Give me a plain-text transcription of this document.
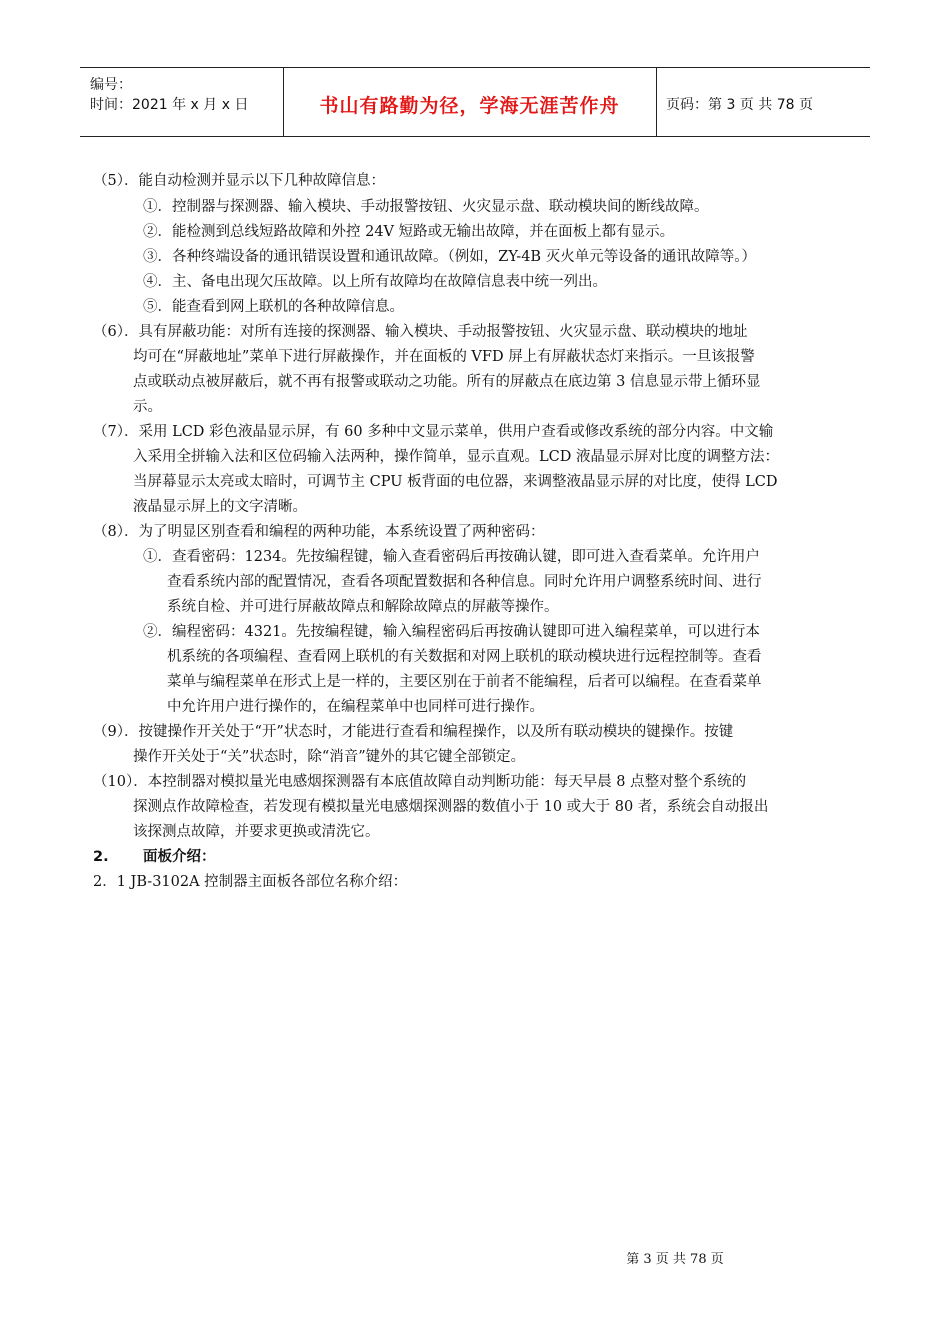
编号：
时间：2021 年 x 月 x 日	书山有路勤为径，学海无涯苦作舟	页码：第 3 页 共 78 页
（5）．能自动检测并显示以下几种故障信息：
①．控制器与探测器、输入模块、手动报警按钮、火灾显示盘、联动模块间的断线故障。
②．能检测到总线短路故障和外控 24V 短路或无输出故障，并在面板上都有显示。
③．各种终端设备的通讯错误设置和通讯故障。（例如，ZY-4B 灭火单元等设备的通讯故障等。）
④．主、备电出现欠压故障。以上所有故障均在故障信息表中统一列出。
⑤．能查看到网上联机的各种故障信息。
（6）．具有屏蔽功能：对所有连接的探测器、输入模块、手动报警按钮、火灾显示盘、联动模块的地址
均可在“屏蔽地址”菜单下进行屏蔽操作，并在面板的 VFD 屏上有屏蔽状态灯来指示。一旦该报警
点或联动点被屏蔽后，就不再有报警或联动之功能。所有的屏蔽点在底边第 3 信息显示带上循环显
示。
（7）．采用 LCD 彩色液晶显示屏，有 60 多种中文显示菜单，供用户查看或修改系统的部分内容。中文输
入采用全拼输入法和区位码输入法两种，操作简单，显示直观。LCD 液晶显示屏对比度的调整方法：
当屏幕显示太亮或太暗时，可调节主 CPU 板背面的电位器，来调整液晶显示屏的对比度，使得 LCD
液晶显示屏上的文字清晰。
（8）．为了明显区别查看和编程的两种功能，本系统设置了两种密码：
①．查看密码：1234。先按编程键，输入查看密码后再按确认键，即可进入查看菜单。允许用户
查看系统内部的配置情况，查看各项配置数据和各种信息。同时允许用户调整系统时间、进行
系统自检、并可进行屏蔽故障点和解除故障点的屏蔽等操作。
②．编程密码：4321。先按编程键，输入编程密码后再按确认键即可进入编程菜单，可以进行本
机系统的各项编程、查看网上联机的有关数据和对网上联机的联动模块进行远程控制等。查看
菜单与编程菜单在形式上是一样的，主要区别在于前者不能编程，后者可以编程。在查看菜单
中允许用户进行操作的，在编程菜单中也同样可进行操作。
（9）．按键操作开关处于“开”状态时，才能进行查看和编程操作，以及所有联动模块的键操作。按键
操作开关处于“关”状态时，除“消音”键外的其它键全部锁定。
（10）．本控制器对模拟量光电感烟探测器有本底值故障自动判断功能：每天早晨 8 点整对整个系统的
探测点作故障检查，若发现有模拟量光电感烟探测器的数值小于 10 或大于 80 者，系统会自动报出
该探测点故障，并要求更换或清洗它。
2. 面板介绍：
2．1 JB-3102A 控制器主面板各部位名称介绍：
第 3 页 共 78 页
